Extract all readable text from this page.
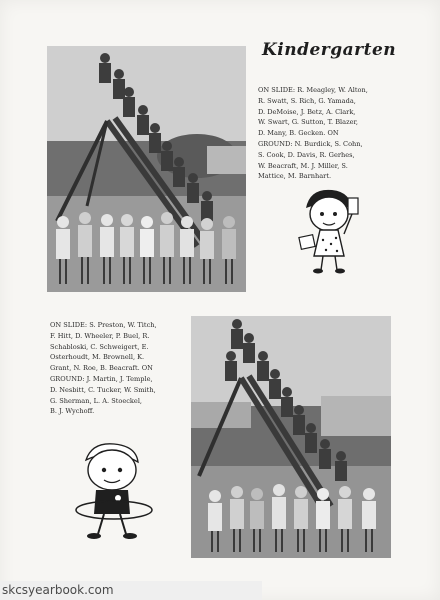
Kindergarten

ON SLIDE: R. Meagley, W. Alton,
R. Swatt, S. Rich, G. Yamada,
D. DeMoise, J. Betz, A. Clark,
W. Swart, G. Sutton, T. Blazer,
D. Many, B. Gecken. ON
GROUND: N. Burdick, S. Cohn,
S. Cook, D. Davis, R. Gerhes,
W. Beacraft, M. J. Miller, S.
Mattice, M. Barnhart.

ON SLIDE: S. Preston, W. Titch,
F. Hitt, D. Wheeler, P. Buel, R.
Schabloski, C. Schweigert, E.
Osterhoudt, M. Brownell, K.
Grant, N. Roe, B. Beacraft. ON
GROUND: J. Martin, J. Temple,
D. Nesbitt, C. Tucker, W. Smith,
G. Sherman, L. A. Stoeckel,
B. J. Wychoff.

skcsyearbook.com
